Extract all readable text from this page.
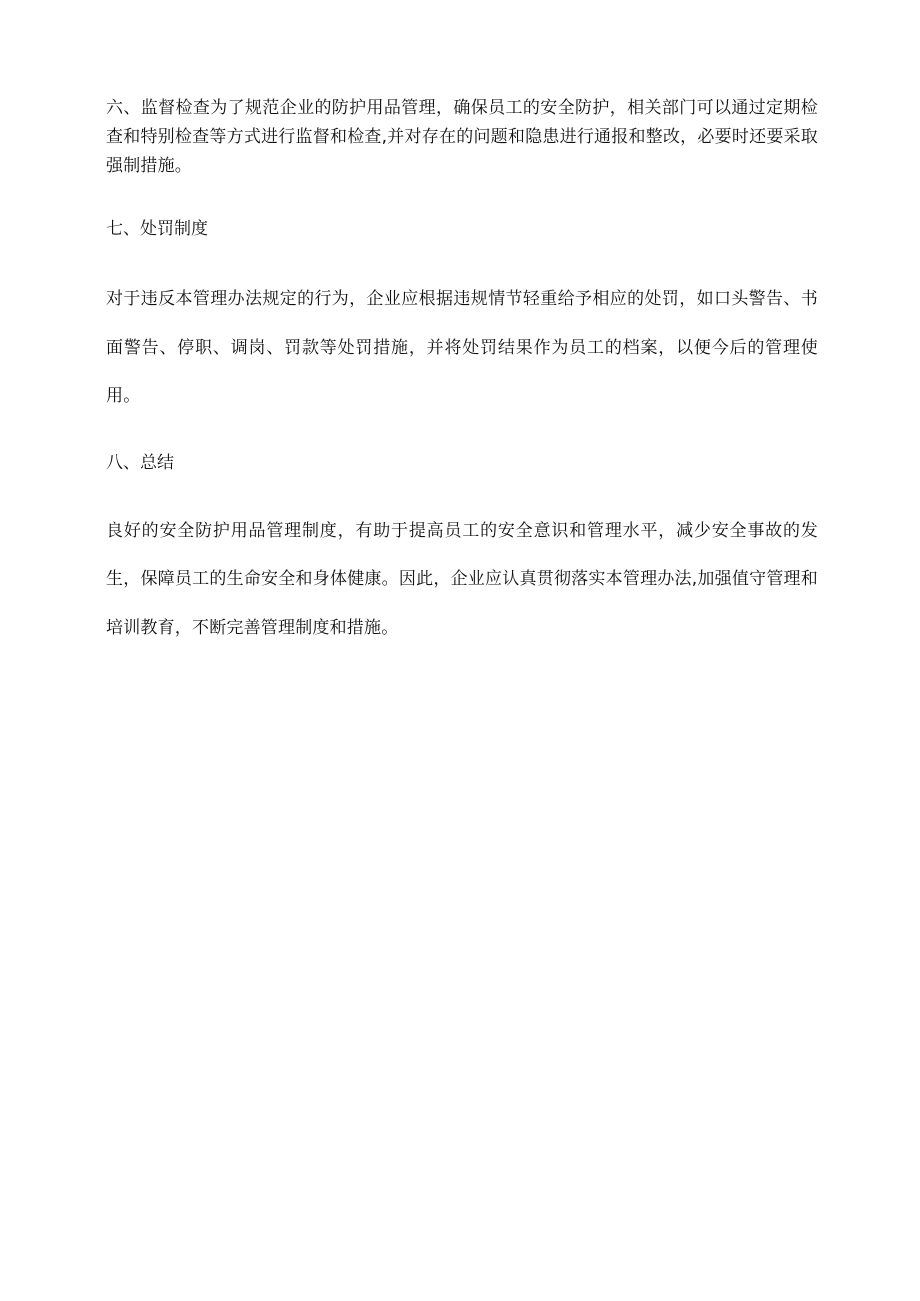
六、监督检查为了规范企业的防护用品管理，确保员工的安全防护，相关部门可以通过定期检查和特别检查等方式进行监督和检查,并对存在的问题和隐患进行通报和整改，必要时还要采取强制措施。

七、处罚制度

对于违反本管理办法规定的行为，企业应根据违规情节轻重给予相应的处罚，如口头警告、书面警告、停职、调岗、罚款等处罚措施，并将处罚结果作为员工的档案，以便今后的管理使用。

八、总结

良好的安全防护用品管理制度，有助于提高员工的安全意识和管理水平，减少安全事故的发生，保障员工的生命安全和身体健康。因此，企业应认真贯彻落实本管理办法,加强值守管理和培训教育，不断完善管理制度和措施。
